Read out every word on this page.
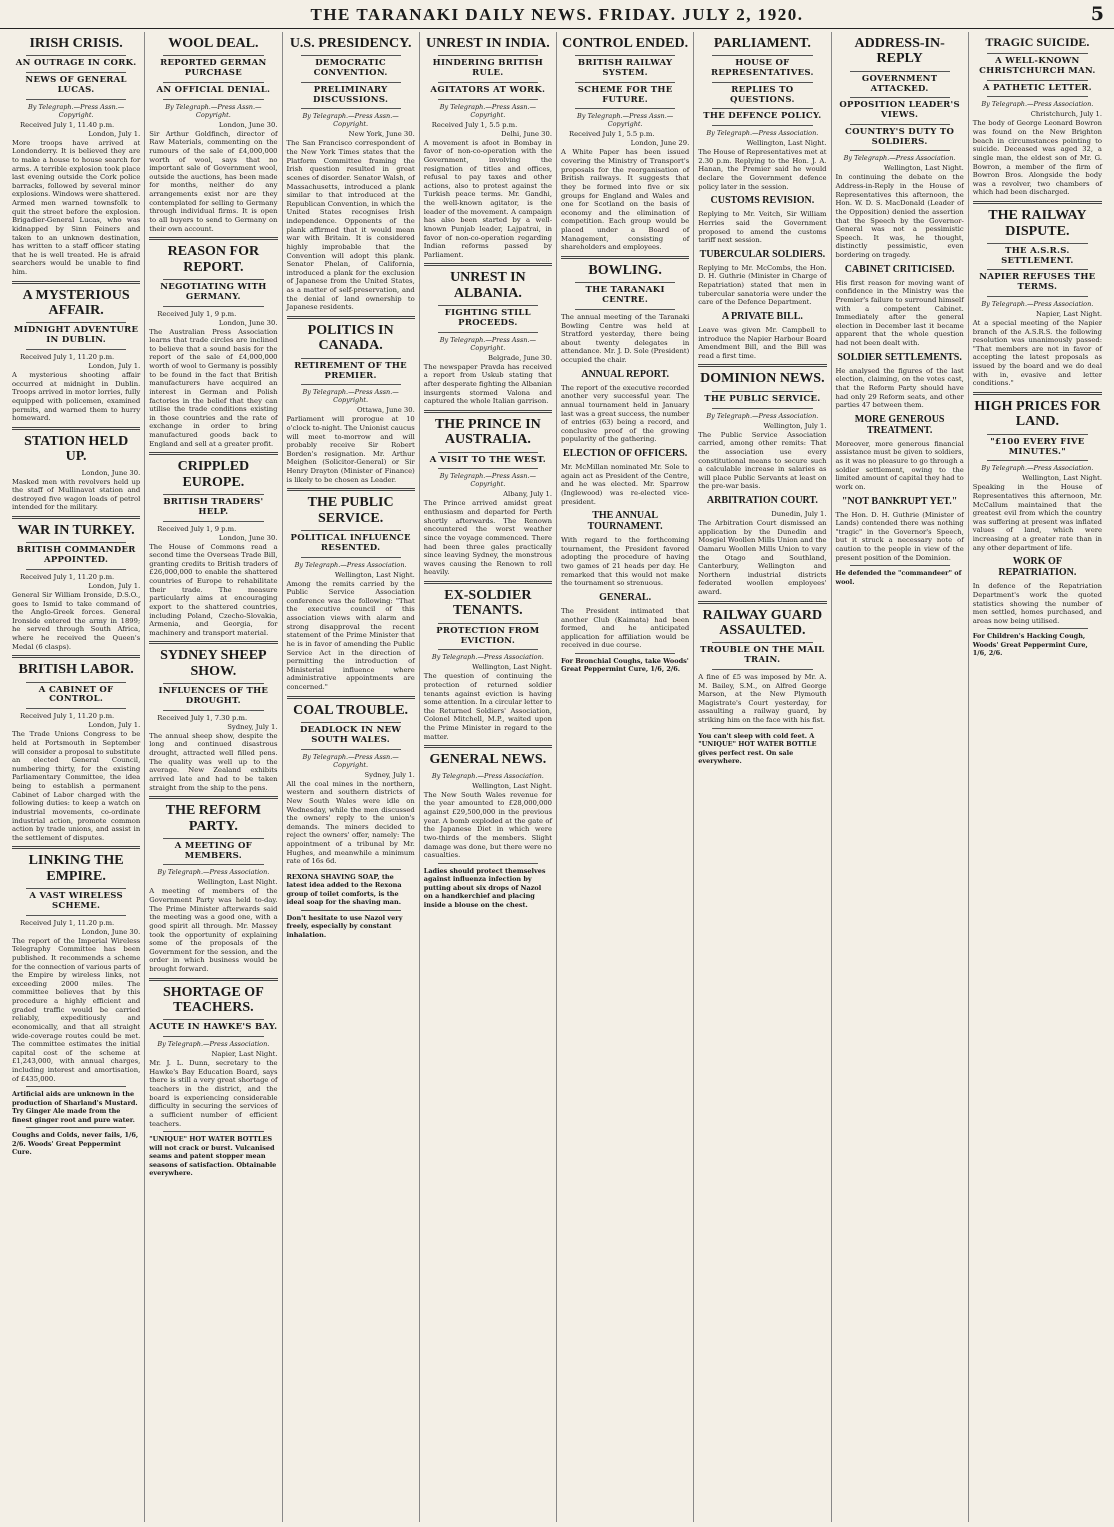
THE TARANAKI DAILY NEWS. FRIDAY. JULY 2, 1920.	5
IRISH CRISIS.
AN OUTRAGE IN CORK.
NEWS OF GENERAL LUCAS.
By Telegraph.—Press Assn.—Copyright.
Received July 1, 11.40 p.m.
London, July 1.

More troops have arrived at Londonderry. It is believed they are to make a house to house search for arms. A terrible explosion took place last evening outside the Cork police barracks, followed by several minor explosions. Windows were shattered. Armed men warned townsfolk to quit the street before the explosion. Brigadier-General Lucas, who was kidnapped by Sinn Feiners and taken to an unknown destination, has written to a staff officer stating that he is well treated. He is afraid searchers would be unable to find him.

A MYSTERIOUS AFFAIR.
MIDNIGHT ADVENTURE IN DUBLIN.
Received July 1, 11.20 p.m.
London, July 1.

A mysterious shooting affair occurred at midnight in Dublin. Troops arrived in motor lorries, fully equipped with policemen, examined permits, and warned them to hurry homeward.

STATION HELD UP.
London, June 30.

Masked men with revolvers held up the staff of Mullinavat station and destroyed five wagon loads of petrol intended for the military.

WAR IN TURKEY.
BRITISH COMMANDER APPOINTED.
Received July 1, 11.20 p.m.
London, July 1.

General Sir William Ironside, D.S.O., goes to Ismid to take command of the Anglo-Greek forces. General Ironside entered the army in 1899; he served through South Africa, where he received the Queen's Medal (6 clasps).

BRITISH LABOR.
A CABINET OF CONTROL.
Received July 1, 11.20 p.m.
London, July 1.

The Trade Unions Congress to be held at Portsmouth in September will consider a proposal to substitute an elected General Council, numbering thirty, for the existing Parliamentary Committee, the idea being to establish a permanent Cabinet of Labor charged with the following duties: to keep a watch on industrial movements, co-ordinate industrial action, promote common action by trade unions, and assist in the settlement of disputes.

LINKING THE EMPIRE.
A VAST WIRELESS SCHEME.
Received July 1, 11.20 p.m.
London, June 30.

The report of the Imperial Wireless Telegraphy Committee has been published. It recommends a scheme for the connection of various parts of the Empire by wireless links, not exceeding 2000 miles. The committee believes that by this procedure a highly efficient and graded traffic would be carried reliably, expeditiously and economically, and that all straight wide-coverage routes could be met. The committee estimates the initial capital cost of the scheme at £1,243,000, with annual charges, including interest and amortisation, of £435,000.

Artificial aids are unknown in the production of Sharland's Mustard. Try Ginger Ale made from the finest ginger root and pure water.
Coughs and Colds, never fails, 1/6, 2/6. Woods' Great Peppermint Cure.
WOOL DEAL.
REPORTED GERMAN PURCHASE
AN OFFICIAL DENIAL.
By Telegraph.—Press Assn.—Copyright.
London, June 30.

Sir Arthur Goldfinch, director of Raw Materials, commenting on the rumours of the sale of £4,000,000 worth of wool, says that no important sale of Government wool, outside the auctions, has been made for months, neither do any arrangements exist nor are they contemplated for selling to Germany through individual firms. It is open to all buyers to send to Germany on their own account.

REASON FOR REPORT.
NEGOTIATING WITH GERMANY.
Received July 1, 9 p.m.
London, June 30.

The Australian Press Association learns that trade circles are inclined to believe that a sound basis for the report of the sale of £4,000,000 worth of wool to Germany is possibly to be found in the fact that British manufacturers have acquired an interest in German and Polish factories in the belief that they can utilise the trade conditions existing in those countries and the rate of exchange in order to bring manufactured goods back to England and sell at a greater profit.

CRIPPLED EUROPE.
BRITISH TRADERS' HELP.
Received July 1, 9 p.m.
London, June 30.

The House of Commons read a second time the Overseas Trade Bill, granting credits to British traders of £26,000,000 to enable the shattered countries of Europe to rehabilitate their trade. The measure particularly aims at encouraging export to the shattered countries, including Poland, Czecho-Slovakia, Armenia, and Georgia, for machinery and transport material.

SYDNEY SHEEP SHOW.
INFLUENCES OF THE DROUGHT.
Received July 1, 7.30 p.m.
Sydney, July 1.

The annual sheep show, despite the long and continued disastrous drought, attracted well filled pens. The quality was well up to the average. New Zealand exhibits arrived late and had to be taken straight from the ship to the pens.

THE REFORM PARTY.
A MEETING OF MEMBERS.
By Telegraph.—Press Association.
Wellington, Last Night.

A meeting of members of the Government Party was held to-day. The Prime Minister afterwards said the meeting was a good one, with a good spirit all through. Mr. Massey took the opportunity of explaining some of the proposals of the Government for the session, and the order in which business would be brought forward.

SHORTAGE OF TEACHERS.
ACUTE IN HAWKE'S BAY.
By Telegraph.—Press Association.
Napier, Last Night.

Mr. J. L. Dunn, secretary to the Hawke's Bay Education Board, says there is still a very great shortage of teachers in the district, and the board is experiencing considerable difficulty in securing the services of a sufficient number of efficient teachers.

"UNIQUE" HOT WATER BOTTLES will not crack or burst. Vulcanised seams and patent stopper mean seasons of satisfaction. Obtainable everywhere.
U.S. PRESIDENCY.
DEMOCRATIC CONVENTION.
PRELIMINARY DISCUSSIONS.
By Telegraph.—Press Assn.—Copyright.
New York, June 30.

The San Francisco correspondent of the New York Times states that the Platform Committee framing the Irish question resulted in great scenes of disorder. Senator Walsh, of Massachusetts, introduced a plank similar to that introduced at the Republican Convention, in which the United States recognises Irish independence. Opponents of the plank affirmed that it would mean war with Britain. It is considered highly improbable that the Convention will adopt this plank. Senator Phelan, of California, introduced a plank for the exclusion of Japanese from the United States, as a matter of self-preservation, and the denial of land ownership to Japanese residents.

POLITICS IN CANADA.
RETIREMENT OF THE PREMIER.
By Telegraph.—Press Assn.—Copyright.
Ottawa, June 30.

Parliament will prorogue at 10 o'clock to-night. The Unionist caucus will meet to-morrow and will probably receive Sir Robert Borden's resignation. Mr. Arthur Meighen (Solicitor-General) or Sir Henry Drayton (Minister of Finance) is likely to be chosen as Leader.

THE PUBLIC SERVICE.
POLITICAL INFLUENCE RESENTED.
By Telegraph.—Press Association.
Wellington, Last Night.

Among the remits carried by the Public Service Association conference was the following: "That the executive council of this association views with alarm and strong disapproval the recent statement of the Prime Minister that he is in favor of amending the Public Service Act in the direction of permitting the introduction of Ministerial influence where administrative appointments are concerned."

COAL TROUBLE.
DEADLOCK IN NEW SOUTH WALES.
By Telegraph.—Press Assn.—Copyright.
Sydney, July 1.

All the coal mines in the northern, western and southern districts of New South Wales were idle on Wednesday, while the men discussed the owners' reply to the union's demands. The miners decided to reject the owners' offer, namely: The appointment of a tribunal by Mr. Hughes, and meanwhile a minimum rate of 16s 6d.

REXONA SHAVING SOAP, the latest idea added to the Rexona group of toilet comforts, is the ideal soap for the shaving man.
Don't hesitate to use Nazol very freely, especially by constant inhalation.
UNREST IN INDIA.
HINDERING BRITISH RULE.
AGITATORS AT WORK.
By Telegraph.—Press Assn.—Copyright.
Received July 1, 5.5 p.m.
Delhi, June 30.

A movement is afoot in Bombay in favor of non-co-operation with the Government, involving the resignation of titles and offices, refusal to pay taxes and other actions, also to protest against the Turkish peace terms. Mr. Gandhi, the well-known agitator, is the leader of the movement. A campaign has also been started by a well-known Punjab leader, Lajpatrai, in favor of non-co-operation regarding Indian reforms passed by Parliament.

UNREST IN ALBANIA.
FIGHTING STILL PROCEEDS.
By Telegraph.—Press Assn.—Copyright.
Belgrade, June 30.

The newspaper Pravda has received a report from Uskub stating that after desperate fighting the Albanian insurgents stormed Valona and captured the whole Italian garrison.

THE PRINCE IN AUSTRALIA.
A VISIT TO THE WEST.
By Telegraph.—Press Assn.—Copyright.
Albany, July 1.

The Prince arrived amidst great enthusiasm and departed for Perth shortly afterwards. The Renown encountered the worst weather since the voyage commenced. There had been three gales practically since leaving Sydney, the monstrous waves causing the Renown to roll heavily.

EX-SOLDIER TENANTS.
PROTECTION FROM EVICTION.
By Telegraph.—Press Association.
Wellington, Last Night.

The question of continuing the protection of returned soldier tenants against eviction is having some attention. In a circular letter to the Returned Soldiers' Association, Colonel Mitchell, M.P., waited upon the Prime Minister in regard to the matter.

GENERAL NEWS.
By Telegraph.—Press Association.
Wellington, Last Night.

The New South Wales revenue for the year amounted to £28,000,000 against £29,500,000 in the previous year. A bomb exploded at the gate of the Japanese Diet in which were two-thirds of the members. Slight damage was done, but there were no casualties.

Ladies should protect themselves against influenza infection by putting about six drops of Nazol on a handkerchief and placing inside a blouse on the chest.
CONTROL ENDED.
BRITISH RAILWAY SYSTEM.
SCHEME FOR THE FUTURE.
By Telegraph.—Press Assn.—Copyright.
Received July 1, 5.5 p.m.
London, June 29.

A White Paper has been issued covering the Ministry of Transport's proposals for the reorganisation of British railways. It suggests that they be formed into five or six groups for England and Wales and one for Scotland on the basis of economy and the elimination of competition. Each group would be placed under a Board of Management, consisting of shareholders and employees.

BOWLING.
THE TARANAKI CENTRE.

The annual meeting of the Taranaki Bowling Centre was held at Stratford yesterday, there being about twenty delegates in attendance. Mr. J. D. Sole (President) occupied the chair.

ANNUAL REPORT.

The report of the executive recorded another very successful year. The annual tournament held in January last was a great success, the number of entries (63) being a record, and conclusive proof of the growing popularity of the gathering.

ELECTION OF OFFICERS.

Mr. McMillan nominated Mr. Sole to again act as President of the Centre, and he was elected. Mr. Sparrow (Inglewood) was re-elected vice-president.

THE ANNUAL TOURNAMENT.

With regard to the forthcoming tournament, the President favored adopting the procedure of having two games of 21 heads per day. He remarked that this would not make the tournament so strenuous.

GENERAL.

The President intimated that another Club (Kaimata) had been formed, and he anticipated application for affiliation would be received in due course.

For Bronchial Coughs, take Woods' Great Peppermint Cure, 1/6, 2/6.
PARLIAMENT.
HOUSE OF REPRESENTATIVES.
REPLIES TO QUESTIONS.
THE DEFENCE POLICY.
By Telegraph.—Press Association.
Wellington, Last Night.

The House of Representatives met at 2.30 p.m. Replying to the Hon. J. A. Hanan, the Premier said he would declare the Government defence policy later in the session.

CUSTOMS REVISION.

Replying to Mr. Veitch, Sir William Herries said the Government proposed to amend the customs tariff next session.

TUBERCULAR SOLDIERS.

Replying to Mr. McCombs, the Hon. D. H. Guthrie (Minister in Charge of Repatriation) stated that men in tubercular sanatoria were under the care of the Defence Department.

A PRIVATE BILL.

Leave was given Mr. Campbell to introduce the Napier Harbour Board Amendment Bill, and the Bill was read a first time.

DOMINION NEWS.
THE PUBLIC SERVICE.
By Telegraph.—Press Association.
Wellington, July 1.

The Public Service Association carried, among other remits: That the association use every constitutional means to secure such a calculable increase in salaries as will place Public Servants at least on the pre-war basis.

ARBITRATION COURT.
Dunedin, July 1.

The Arbitration Court dismissed an application by the Dunedin and Mosgiel Woollen Mills Union and the Oamaru Woollen Mills Union to vary the Otago and Southland, Canterbury, Wellington and Northern industrial districts federated woollen employees' award.

RAILWAY GUARD ASSAULTED.
TROUBLE ON THE MAIL TRAIN.

A fine of £5 was imposed by Mr. A. M. Bailey, S.M., on Alfred George Marson, at the New Plymouth Magistrate's Court yesterday, for assaulting a railway guard, by striking him on the face with his fist.

You can't sleep with cold feet. A "UNIQUE" HOT WATER BOTTLE gives perfect rest. On sale everywhere.
ADDRESS-IN-REPLY
GOVERNMENT ATTACKED.
OPPOSITION LEADER'S VIEWS.
COUNTRY'S DUTY TO SOLDIERS.
By Telegraph.—Press Association.
Wellington, Last Night.

In continuing the debate on the Address-in-Reply in the House of Representatives this afternoon, the Hon. W. D. S. MacDonald (Leader of the Opposition) denied the assertion that the Speech by the Governor-General was not a pessimistic Speech. It was, he thought, distinctly pessimistic, even bordering on tragedy.

CABINET CRITICISED.

His first reason for moving want of confidence in the Ministry was the Premier's failure to surround himself with a competent Cabinet. Immediately after the general election in December last it became apparent that the whole question had not been dealt with.

SOLDIER SETTLEMENTS.

He analysed the figures of the last election, claiming, on the votes cast, that the Reform Party should have had only 29 Reform seats, and other parties 47 between them.

MORE GENEROUS TREATMENT.

Moreover, more generous financial assistance must be given to soldiers, as it was no pleasure to go through a soldier settlement, owing to the limited amount of capital they had to work on.

"NOT BANKRUPT YET."

The Hon. D. H. Guthrie (Minister of Lands) contended there was nothing "tragic" in the Governor's Speech, but it struck a necessary note of caution to the people in view of the present position of the Dominion.

He defended the "commandeer" of wool.
TRAGIC SUICIDE.
A WELL-KNOWN CHRISTCHURCH MAN.
A PATHETIC LETTER.
By Telegraph.—Press Association.
Christchurch, July 1.

The body of George Leonard Bowron was found on the New Brighton beach in circumstances pointing to suicide. Deceased was aged 32, a single man, the eldest son of Mr. G. Bowron, a member of the firm of Bowron Bros. Alongside the body was a revolver, two chambers of which had been discharged.

THE RAILWAY DISPUTE.
THE A.S.R.S. SETTLEMENT.
NAPIER REFUSES THE TERMS.
By Telegraph.—Press Association.
Napier, Last Night.

At a special meeting of the Napier branch of the A.S.R.S. the following resolution was unanimously passed: "That members are not in favor of accepting the latest proposals as issued by the board and we do deal with in, evasive and letter conditions."

HIGH PRICES FOR LAND.
"£100 EVERY FIVE MINUTES."
By Telegraph.—Press Association.
Wellington, Last Night.

Speaking in the House of Representatives this afternoon, Mr. McCallum maintained that the greatest evil from which the country was suffering at present was inflated values of land, which were increasing at a greater rate than in any other department of life.

WORK OF REPATRIATION.

In defence of the Repatriation Department's work the quoted statistics showing the number of men settled, homes purchased, and areas now being utilised.

For Children's Hacking Cough, Woods' Great Peppermint Cure, 1/6, 2/6.
